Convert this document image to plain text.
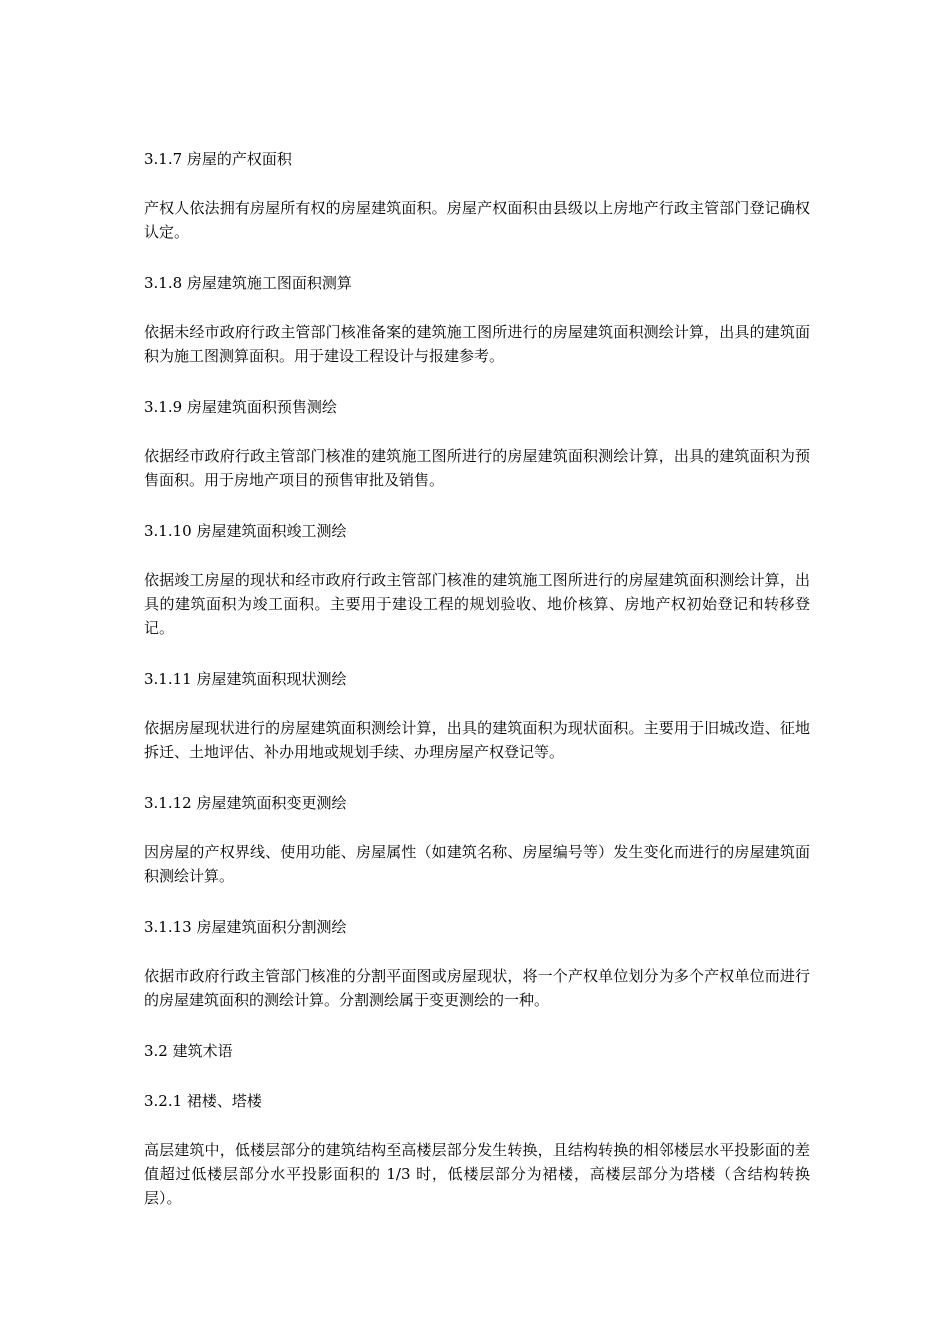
3.1.7 房屋的产权面积

产权人依法拥有房屋所有权的房屋建筑面积。房屋产权面积由县级以上房地产行政主管部门登记确权认定。

3.1.8 房屋建筑施工图面积测算

依据未经市政府行政主管部门核准备案的建筑施工图所进行的房屋建筑面积测绘计算，出具的建筑面积为施工图测算面积。用于建设工程设计与报建参考。

3.1.9 房屋建筑面积预售测绘

依据经市政府行政主管部门核准的建筑施工图所进行的房屋建筑面积测绘计算，出具的建筑面积为预售面积。用于房地产项目的预售审批及销售。

3.1.10 房屋建筑面积竣工测绘

依据竣工房屋的现状和经市政府行政主管部门核准的建筑施工图所进行的房屋建筑面积测绘计算，出具的建筑面积为竣工面积。主要用于建设工程的规划验收、地价核算、房地产权初始登记和转移登记。

3.1.11 房屋建筑面积现状测绘

依据房屋现状进行的房屋建筑面积测绘计算，出具的建筑面积为现状面积。主要用于旧城改造、征地拆迁、土地评估、补办用地或规划手续、办理房屋产权登记等。

3.1.12 房屋建筑面积变更测绘

因房屋的产权界线、使用功能、房屋属性（如建筑名称、房屋编号等）发生变化而进行的房屋建筑面积测绘计算。

3.1.13 房屋建筑面积分割测绘

依据市政府行政主管部门核准的分割平面图或房屋现状，将一个产权单位划分为多个产权单位而进行的房屋建筑面积的测绘计算。分割测绘属于变更测绘的一种。

3.2 建筑术语
3.2.1 裙楼、塔楼

高层建筑中，低楼层部分的建筑结构至高楼层部分发生转换，且结构转换的相邻楼层水平投影面的差值超过低楼层部分水平投影面积的 1/3 时，低楼层部分为裙楼，高楼层部分为塔楼（含结构转换层）。
